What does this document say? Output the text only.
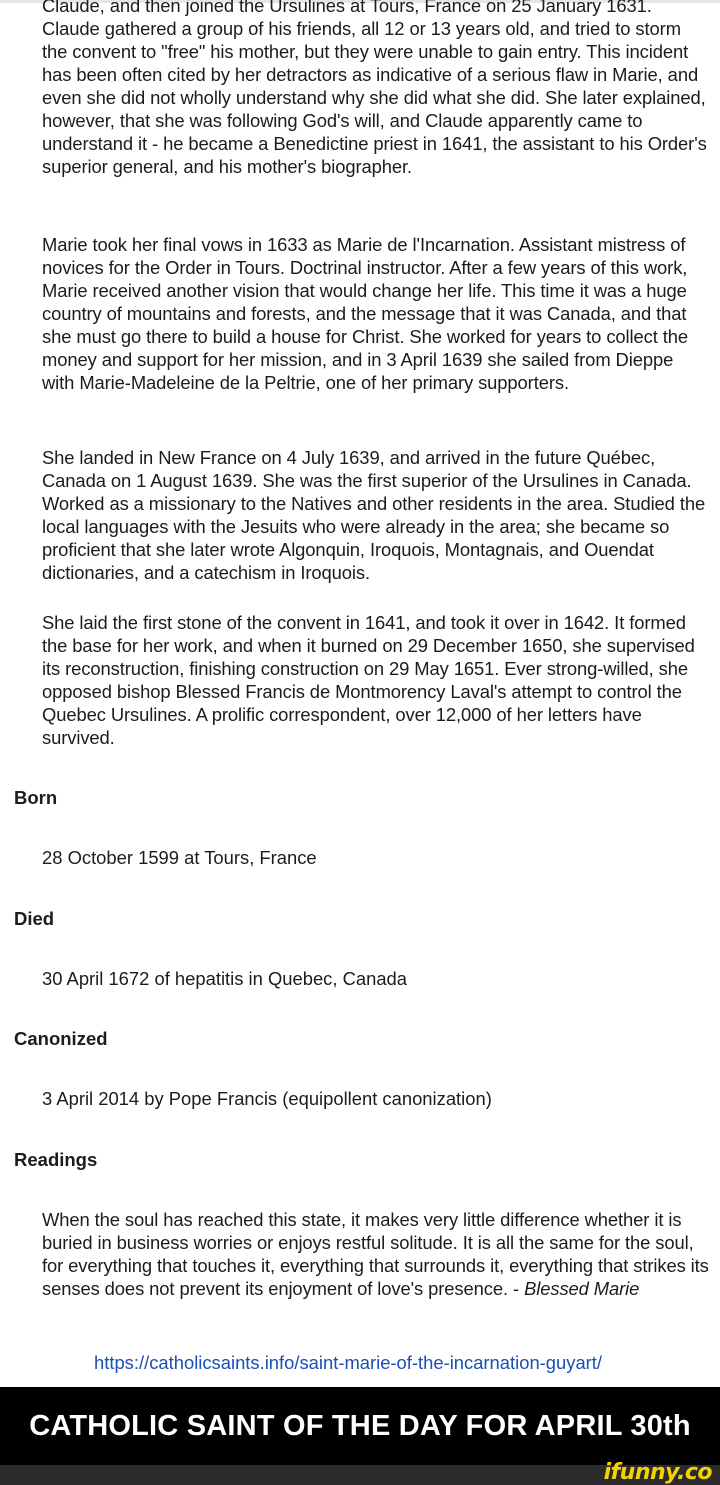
Claude, and then joined the Ursulines at Tours, France on 25 January 1631. Claude gathered a group of his friends, all 12 or 13 years old, and tried to storm the convent to "free" his mother, but they were unable to gain entry. This incident has been often cited by her detractors as indicative of a serious flaw in Marie, and even she did not wholly understand why she did what she did. She later explained, however, that she was following God's will, and Claude apparently came to understand it - he became a Benedictine priest in 1641, the assistant to his Order's superior general, and his mother's biographer.

Marie took her final vows in 1633 as Marie de l'Incarnation. Assistant mistress of novices for the Order in Tours. Doctrinal instructor. After a few years of this work, Marie received another vision that would change her life. This time it was a huge country of mountains and forests, and the message that it was Canada, and that she must go there to build a house for Christ. She worked for years to collect the money and support for her mission, and in 3 April 1639 she sailed from Dieppe with Marie-Madeleine de la Peltrie, one of her primary supporters.

She landed in New France on 4 July 1639, and arrived in the future Québec, Canada on 1 August 1639. She was the first superior of the Ursulines in Canada. Worked as a missionary to the Natives and other residents in the area. Studied the local languages with the Jesuits who were already in the area; she became so proficient that she later wrote Algonquin, Iroquois, Montagnais, and Ouendat dictionaries, and a catechism in Iroquois.

She laid the first stone of the convent in 1641, and took it over in 1642. It formed the base for her work, and when it burned on 29 December 1650, she supervised its reconstruction, finishing construction on 29 May 1651. Ever strong-willed, she opposed bishop Blessed Francis de Montmorency Laval's attempt to control the Quebec Ursulines. A prolific correspondent, over 12,000 of her letters have survived.

Born

28 October 1599 at Tours, France

Died

30 April 1672 of hepatitis in Quebec, Canada

Canonized

3 April 2014 by Pope Francis (equipollent canonization)

Readings

When the soul has reached this state, it makes very little difference whether it is buried in business worries or enjoys restful solitude. It is all the same for the soul, for everything that touches it, everything that surrounds it, everything that strikes its senses does not prevent its enjoyment of love's presence. - Blessed Marie

https://catholicsaints.info/saint-marie-of-the-incarnation-guyart/
CATHOLIC SAINT OF THE DAY FOR APRIL 30th
ifunny.co
